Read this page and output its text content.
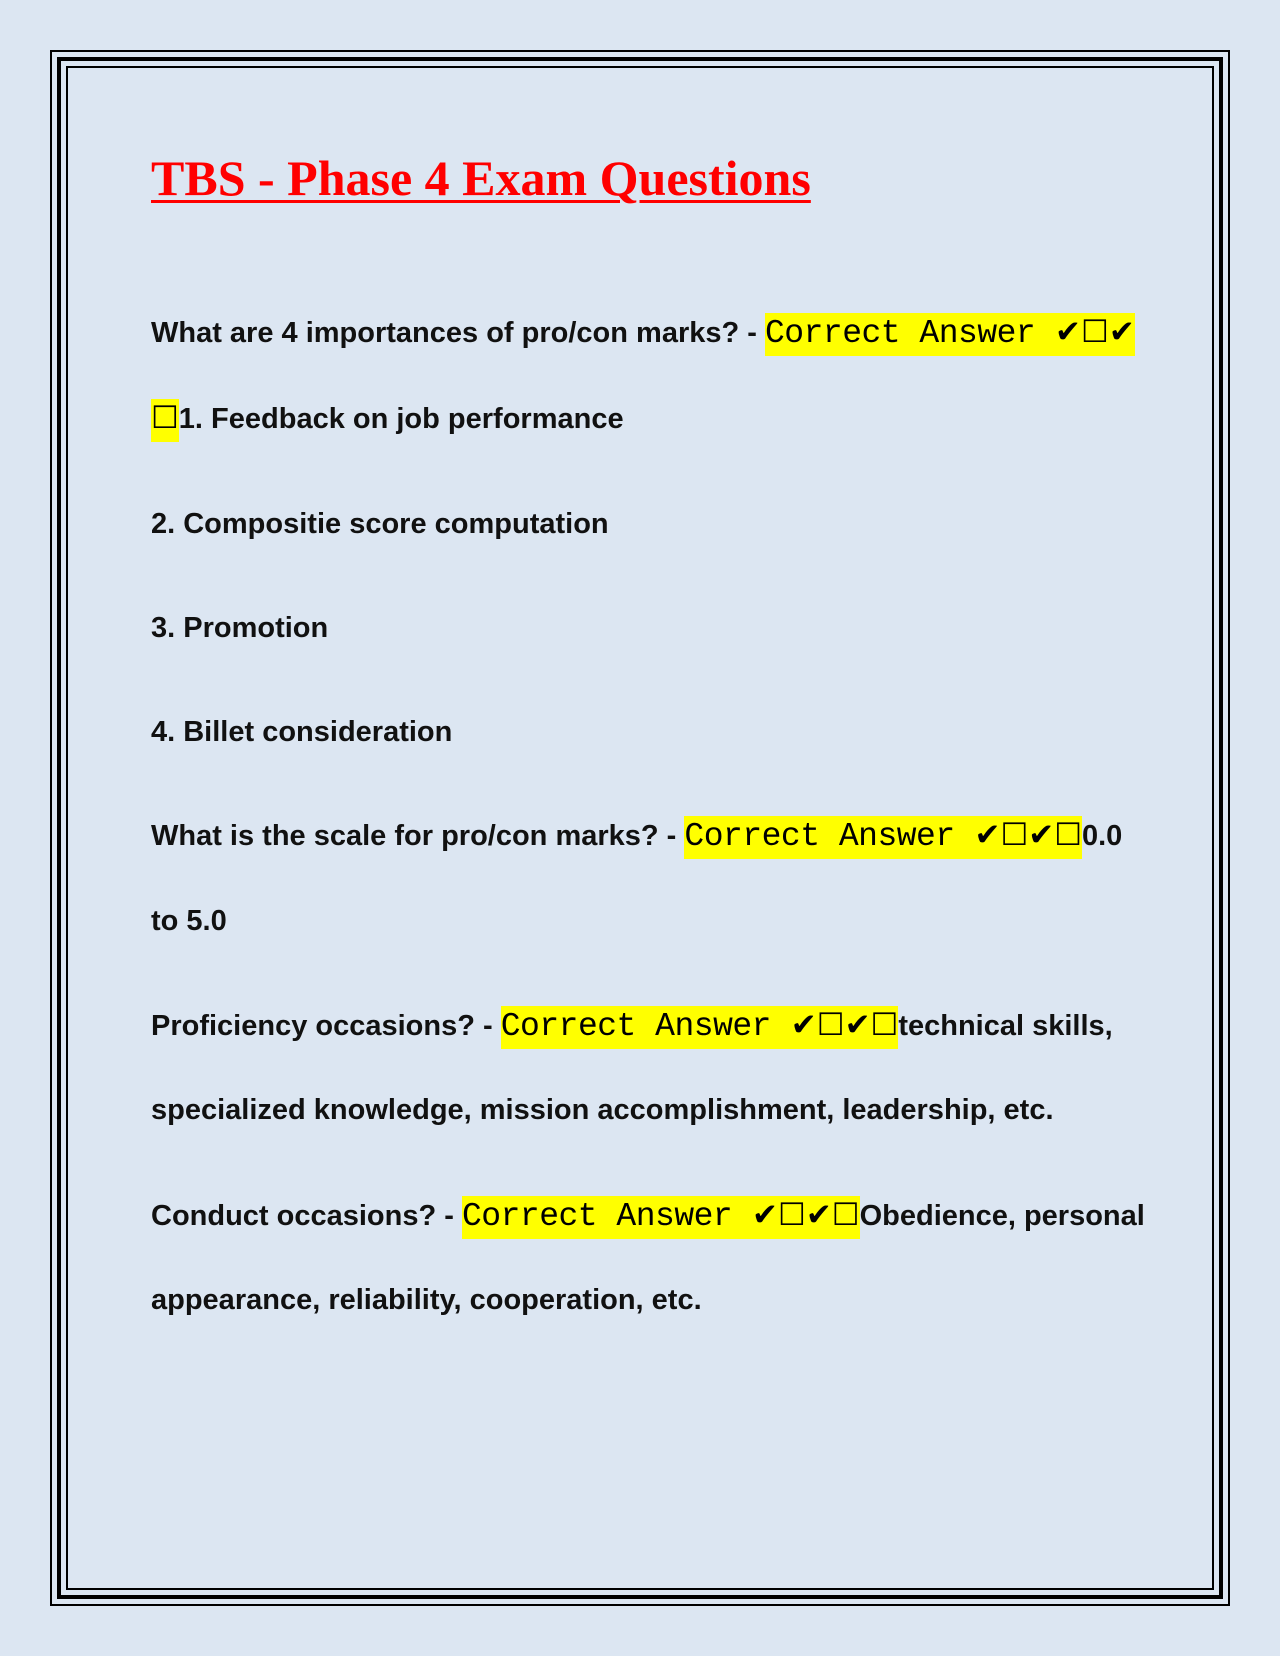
TBS - Phase 4 Exam Questions
What are 4 importances of pro/con marks? - Correct Answer ✔☐✔
☐1. Feedback on job performance
2. Compositie score computation
3. Promotion
4. Billet consideration
What is the scale for pro/con marks? - Correct Answer ✔☐✔☐0.0
to 5.0
Proficiency occasions? - Correct Answer ✔☐✔☐technical skills,
specialized knowledge, mission accomplishment, leadership, etc.
Conduct occasions? - Correct Answer ✔☐✔☐Obedience, personal
appearance, reliability, cooperation, etc.
